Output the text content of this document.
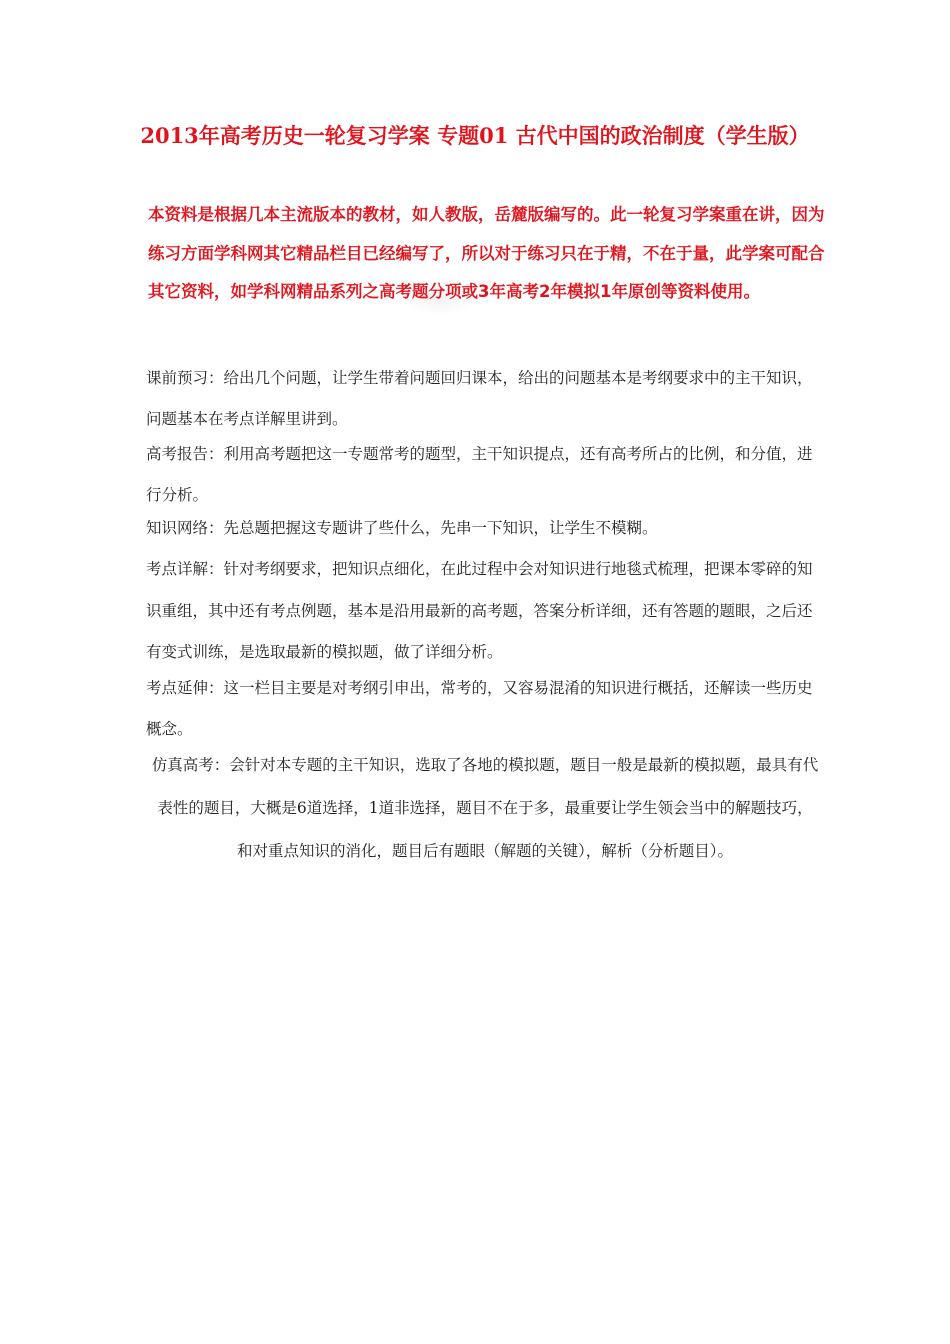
2013年高考历史一轮复习学案 专题01 古代中国的政治制度（学生版）

本资料是根据几本主流版本的教材，如人教版，岳麓版编写的。此一轮复习学案重在讲，因为练习方面学科网其它精品栏目已经编写了，所以对于练习只在于精，不在于量，此学案可配合其它资料，如学科网精品系列之高考题分项或3年高考2年模拟1年原创等资料使用。

课前预习：给出几个问题，让学生带着问题回归课本，给出的问题基本是考纲要求中的主干知识，问题基本在考点详解里讲到。

高考报告：利用高考题把这一专题常考的题型，主干知识提点，还有高考所占的比例，和分值，进行分析。

知识网络：先总题把握这专题讲了些什么，先串一下知识，让学生不模糊。

考点详解：针对考纲要求，把知识点细化，在此过程中会对知识进行地毯式梳理，把课本零碎的知识重组，其中还有考点例题，基本是沿用最新的高考题，答案分析详细，还有答题的题眼，之后还有变式训练，是选取最新的模拟题，做了详细分析。

考点延伸：这一栏目主要是对考纲引申出，常考的，又容易混淆的知识进行概括，还解读一些历史概念。

仿真高考：会针对本专题的主干知识，选取了各地的模拟题，题目一般是最新的模拟题，最具有代表性的题目，大概是6道选择，1道非选择，题目不在于多，最重要让学生领会当中的解题技巧，和对重点知识的消化，题目后有题眼（解题的关键），解析（分析题目）。
